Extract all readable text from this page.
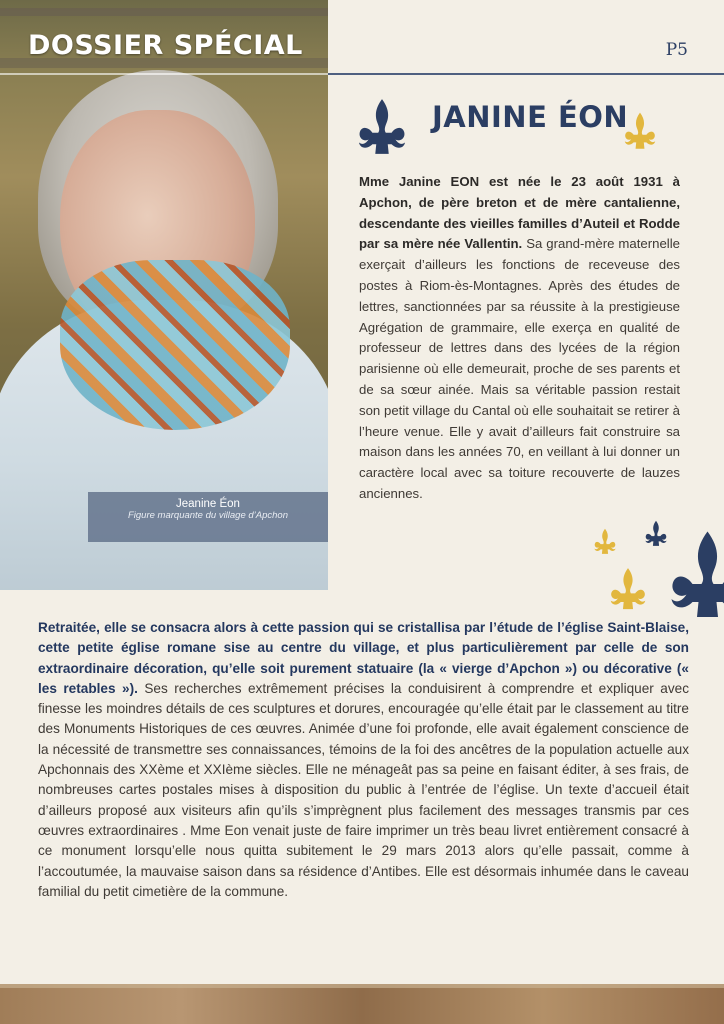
Jeanine Éon
Figure marquante du village d’Apchon
DOSSIER SPÉCIAL	P5
JANINE ÉON

Mme Janine EON est née le 23 août 1931 à Apchon, de père breton et de mère cantalienne, descendante des vieilles familles d’Auteil et Rodde par sa mère née Vallentin. Sa grand-mère maternelle exerçait d’ailleurs les fonctions de receveuse des postes à Riom-ès-Montagnes. Après des études de lettres, sanctionnées par sa réussite à la prestigieuse Agrégation de grammaire, elle exerça en qualité de professeur de lettres dans des lycées de la région parisienne où elle demeurait, proche de ses parents et de sa sœur ainée. Mais sa véritable passion restait son petit village du Cantal où elle souhaitait se retirer à l’heure venue. Elle y avait d’ailleurs fait construire sa maison dans les années 70, en veillant à lui donner un caractère local avec sa toiture recouverte de lauzes anciennes.

Retraitée, elle se consacra alors à cette passion qui se cristallisa par l’étude de l’église Saint-Blaise, cette petite église romane sise au centre du village, et plus particulièrement par celle de son extraordinaire décoration, qu’elle soit purement statuaire (la « vierge d’Apchon ») ou décorative (« les retables »). Ses recherches extrêmement précises la conduisirent à comprendre et expliquer avec finesse les moindres détails de ces sculptures et dorures, encouragée qu’elle était par le classement au titre des Monuments Historiques de ces œuvres. Animée d’une foi profonde, elle avait également conscience de la nécessité de transmettre ses connaissances, témoins de la foi des ancêtres de la population actuelle aux Apchonnais des XXème et XXIème siècles. Elle ne ménageât pas sa peine en faisant éditer, à ses frais, de nombreuses cartes postales mises à disposition du public à l’entrée de l’église. Un texte d’accueil était d’ailleurs proposé aux visiteurs afin qu’ils s’imprègnent plus facilement des messages transmis par ces œuvres extraordinaires . Mme Eon venait juste de faire imprimer un très beau livret entièrement consacré à ce monument lorsqu’elle nous quitta subitement le 29 mars 2013 alors qu’elle passait, comme à l’accoutumée, la mauvaise saison dans sa résidence d’Antibes. Elle est désormais inhumée dans le caveau familial du petit cimetière de la commune.
